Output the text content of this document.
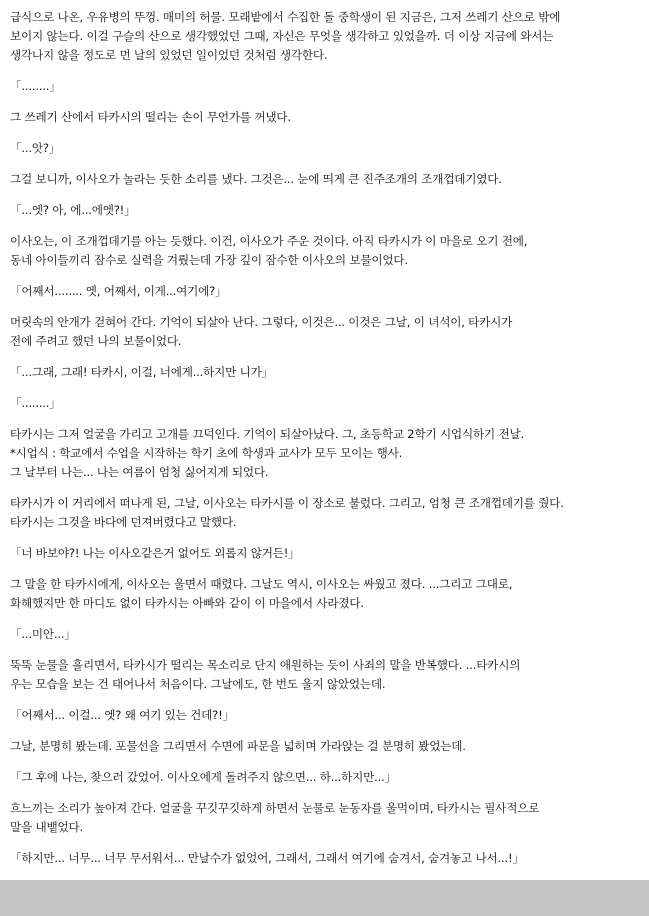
급식으로 나온, 우유병의 뚜껑. 매미의 허물. 모래밭에서 수집한 돌 중학생이 된 지금은, 그저 쓰레기 산으로 밖에
보이지 않는다. 이걸 구슬의 산으로 생각했었던 그때, 자신은 무엇을 생각하고 있었을까. 더 이상 지금에 와서는
생각나지 않을 정도로 먼 날의 있었던 일이었던 것처럼 생각한다.

「........」

그 쓰레기 산에서 타카시의 떨리는 손이 무언가를 꺼냈다.

「...앗?」

그걸 보니까, 이사오가 놀라는 듯한 소리를 냈다. 그것은... 눈에 띄게 큰 진주조개의 조개껍데기였다.

「...엣? 아, 에...에엣?!」

이사오는, 이 조개껍데기를 아는 듯했다. 이건, 이사오가 주운 것이다. 아직 타카시가 이 마을로 오기 전에,
동네 아이들끼리 잠수로 실력을 겨뤘는데 가장 깊이 잠수한 이사오의 보물이었다.

「어째서........ 엣, 어째서, 이게...여기에?」

머릿속의 안개가 걷혀어 간다. 기억이 되살아 난다. 그렇다, 이것은... 이것은 그날, 이 녀석이, 타카시가
전에 주려고 했던 나의 보물이었다.

「...그래, 그래! 타카시, 이걸, 너에게...하지만 니가」

「........」

타카시는 그저 얼굴을 가리고 고개를 끄덕인다. 기억이 되살아났다. 그, 초등학교 2학기 시업식하기 전날.
*시업식 : 학교에서 수업을 시작하는 학기 초에 학생과 교사가 모두 모이는 행사.
그 날부터 나는... 나는 여름이 엄청 싫어지게 되었다.

타카시가 이 거리에서 떠나게 된, 그날, 이사오는 타카시를 이 장소로 불렀다. 그리고, 엄청 큰 조개껍데기를 줬다.
타카시는 그것을 바다에 던져버렸다고 말했다.

「너 바보야?! 나는 이사오같은거 없어도 외롭지 않거든!」

그 말을 한 타카시에게, 이사오는 울면서 때렸다. 그날도 역시, 이사오는 싸웠고 졌다. ...그리고 그대로,
화해했지만 한 마디도 없이 타카시는 아빠와 같이 이 마을에서 사라졌다.

「...미안...」

뚝뚝 눈물을 흘리면서, 타카시가 떨리는 목소리로 단지 애원하는 듯이 사죄의 말을 반복했다. ...타카시의
우는 모습을 보는 건 태어나서 처음이다. 그날에도, 한 번도 울지 않았었는데.

「어째서... 이걸... 엣? 왜 여기 있는 건데?!」

그날, 분명히 봤는데. 포물선을 그리면서 수면에 파문을 넓히며 가라앉는 걸 분명히 봤었는데.

「그 후에 나는, 찾으러 갔었어. 이사오에게 돌려주지 않으면... 하...하지만...」

흐느끼는 소리가 높아져 간다. 얼굴을 꾸깃꾸깃하게 하면서 눈물로 눈동자를 울먹이며, 타카시는 필사적으로
말을 내뱉었다.

「하지만... 너무... 너무 무서워서... 만날수가 없었어, 그래서, 그래서 여기에 숨겨서, 숨겨놓고 나서...!」
